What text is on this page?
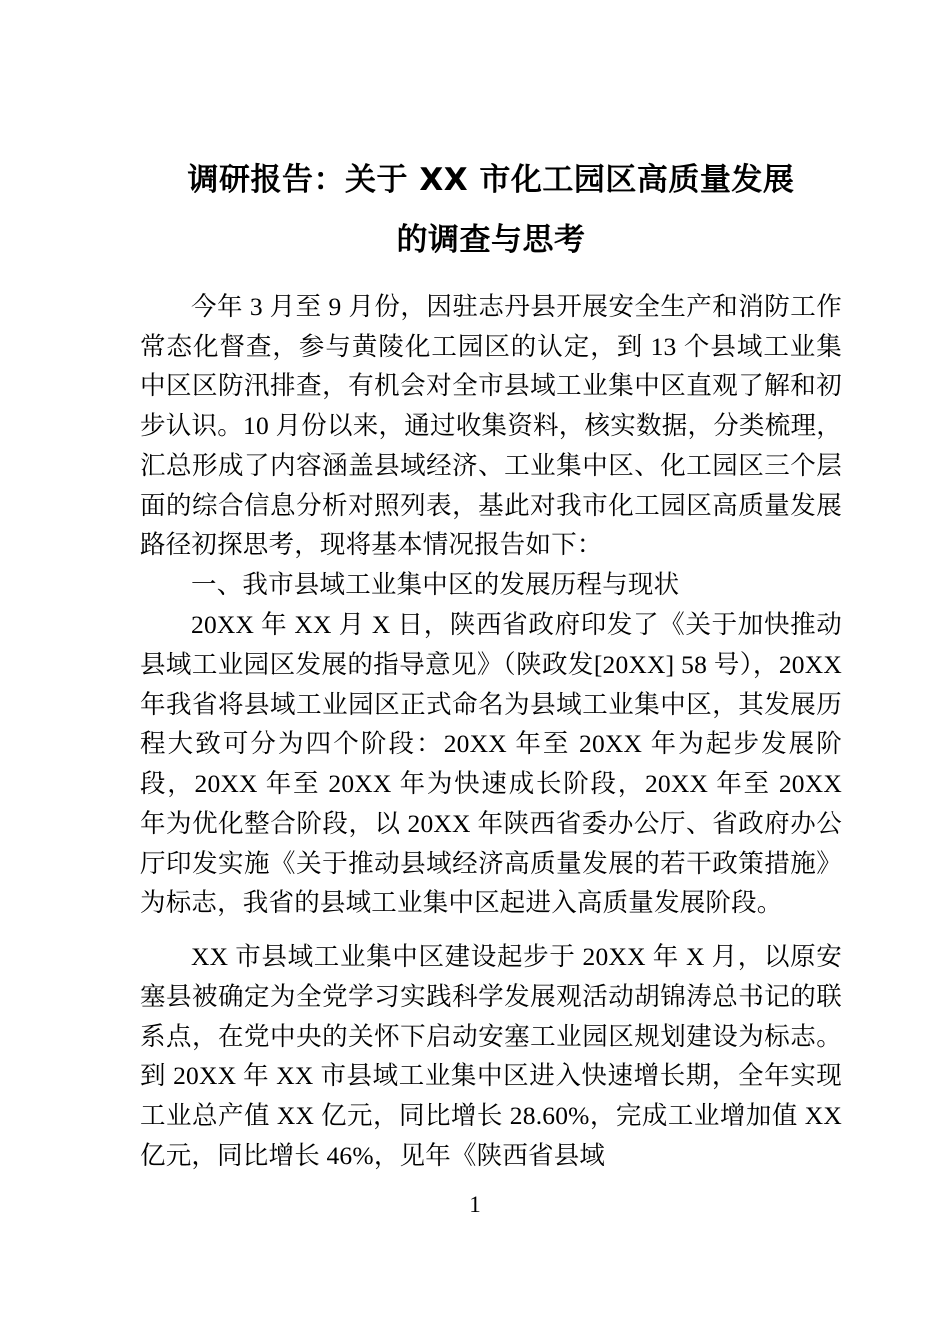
调研报告：关于 XX 市化工园区高质量发展
的调查与思考

今年 3 月至 9 月份，因驻志丹县开展安全生产和消防工作常态化督查，参与黄陵化工园区的认定，到 13 个县域工业集中区区防汛排查，有机会对全市县域工业集中区直观了解和初步认识。10 月份以来，通过收集资料，核实数据，分类梳理，汇总形成了内容涵盖县域经济、工业集中区、化工园区三个层面的综合信息分析对照列表，基此对我市化工园区高质量发展路径初探思考，现将基本情况报告如下：

一、我市县域工业集中区的发展历程与现状

20XX 年 XX 月 X 日，陕西省政府印发了《关于加快推动县域工业园区发展的指导意见》（陕政发[20XX] 58 号），20XX 年我省将县域工业园区正式命名为县域工业集中区，其发展历程大致可分为四个阶段：20XX 年至 20XX 年为起步发展阶段，20XX 年至 20XX 年为快速成长阶段，20XX 年至 20XX 年为优化整合阶段，以 20XX 年陕西省委办公厅、省政府办公厅印发实施《关于推动县域经济高质量发展的若干政策措施》为标志，我省的县域工业集中区起进入高质量发展阶段。

XX 市县域工业集中区建设起步于 20XX 年 X 月，以原安塞县被确定为全党学习实践科学发展观活动胡锦涛总书记的联系点，在党中央的关怀下启动安塞工业园区规划建设为标志。到 20XX 年 XX 市县域工业集中区进入快速增长期，全年实现工业总产值 XX 亿元，同比增长 28.60%，完成工业增加值 XX 亿元，同比增长 46%，见年《陕西省县域

1
